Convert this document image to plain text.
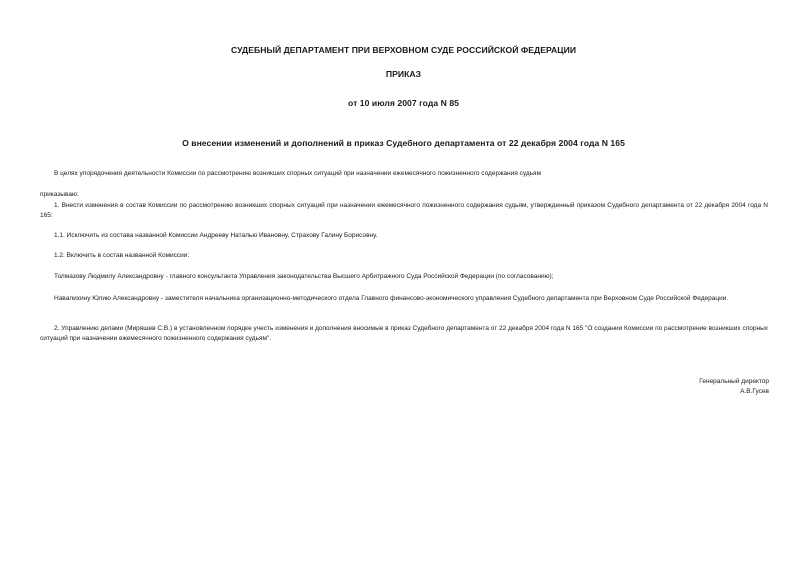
СУДЕБНЫЙ ДЕПАРТАМЕНТ ПРИ ВЕРХОВНОМ СУДЕ РОССИЙСКОЙ ФЕДЕРАЦИИ
ПРИКАЗ
от 10 июля 2007 года N 85
О внесении изменений и дополнений в приказ Судебного департамента от 22 декабря 2004 года N 165
В целях упорядочения деятельности Комиссии по рассмотрению возникших спорных ситуаций при назначении ежемесячного пожизненного содержания судьям
приказываю:
1. Внести изменения в состав Комиссии по рассмотрению возникших спорных ситуаций при назначении ежемесячного пожизненного содержания судьям, утвержденный приказом Судебного департамента от 22 декабря 2004 года N 165:
1.1. Исключить из состава названной Комиссии Андрееву Наталью Ивановну, Страхову Галину Борисовну.
1.2. Включить в состав названной Комиссии:
Толмазову Людмилу Александровну - главного консультанта Управления законодательства Высшего Арбитражного Суда Российской Федерации (по согласованию);
Навалихину Юлию Александровну - заместителя начальника организационно-методического отдела Главного финансово-экономического управления Судебного департамента при Верховном Суде Российской Федерации.
2. Управлению делами (Миряшев С.В.) в установленном порядке учесть изменения и дополнения вносимые в приказ Судебного департамента от 22 декабря 2004 года N 165 "О создании Комиссии по рассмотрение возникших спорных ситуаций при назначении ежемесячного пожизненного содержания судьям".
Генеральный директор
А.В.Гусев
